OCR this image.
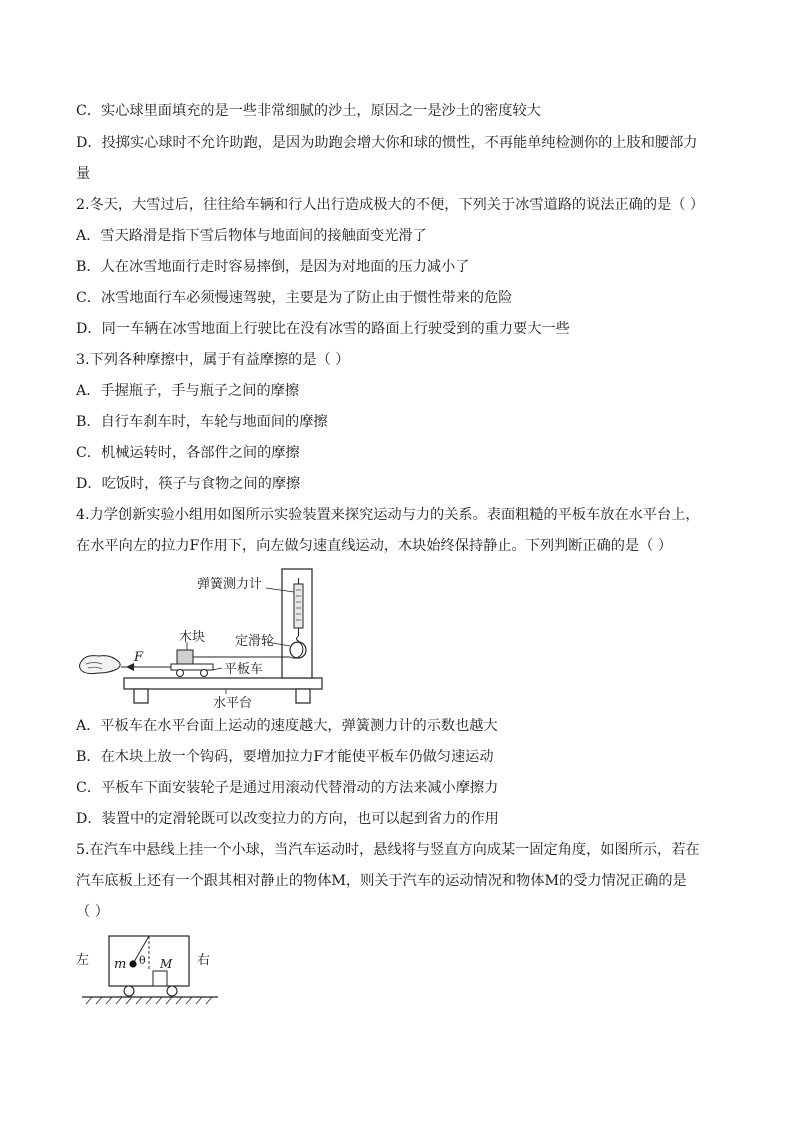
C．实心球里面填充的是一些非常细腻的沙土，原因之一是沙土的密度较大
D．投掷实心球时不允许助跑，是因为助跑会增大你和球的惯性，不再能单纯检测你的上肢和腰部力
量
2.冬天，大雪过后，往往给车辆和行人出行造成极大的不便，下列关于冰雪道路的说法正确的是（ ）
A．雪天路滑是指下雪后物体与地面间的接触面变光滑了
B．人在冰雪地面行走时容易摔倒，是因为对地面的压力减小了
C．冰雪地面行车必须慢速驾驶，主要是为了防止由于惯性带来的危险
D．同一车辆在冰雪地面上行驶比在没有冰雪的路面上行驶受到的重力要大一些
3.下列各种摩擦中，属于有益摩擦的是（ ）
A．手握瓶子，手与瓶子之间的摩擦
B．自行车刹车时，车轮与地面间的摩擦
C．机械运转时，各部件之间的摩擦
D．吃饭时，筷子与食物之间的摩擦
4.力学创新实验小组用如图所示实验装置来探究运动与力的关系。表面粗糙的平板车放在水平台上，
在水平向左的拉力F作用下，向左做匀速直线运动，木块始终保持静止。下列判断正确的是（ ）
弹簧测力计
木块 定滑轮
F
平板车
水平台
A．平板车在水平台面上运动的速度越大，弹簧测力计的示数也越大
B．在木块上放一个钩码，要增加拉力F才能使平板车仍做匀速运动
C．平板车下面安装轮子是通过用滚动代替滑动的方法来减小摩擦力
D．装置中的定滑轮既可以改变拉力的方向，也可以起到省力的作用
5.在汽车中悬线上挂一个小球，当汽车运动时，悬线将与竖直方向成某一固定角度，如图所示，若在
汽车底板上还有一个跟其相对静止的物体M，则关于汽车的运动情况和物体M的受力情况正确的是
（ ）
左	右
m θ M
